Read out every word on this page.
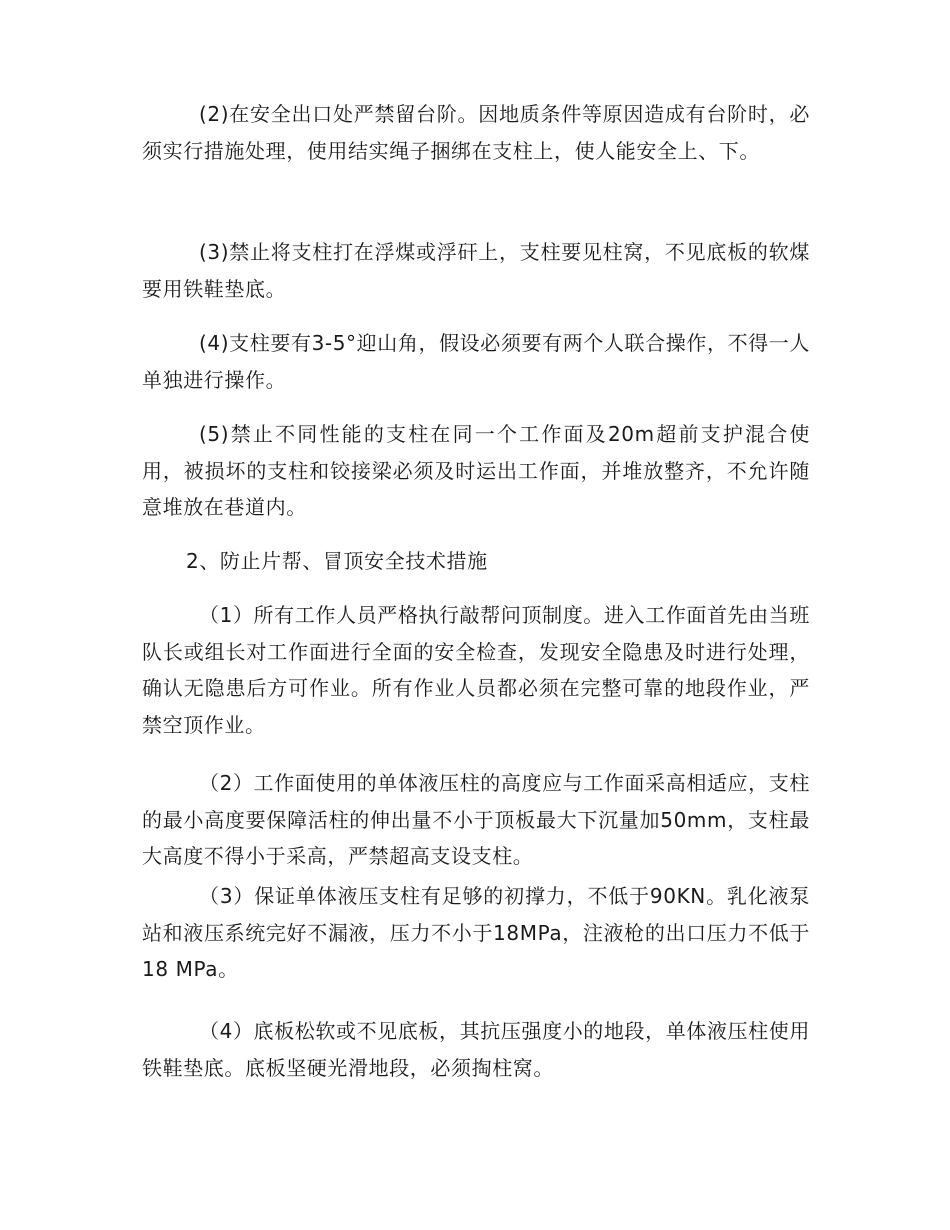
(2)在安全出口处严禁留台阶。因地质条件等原因造成有台阶时，必须实行措施处理，使用结实绳子捆绑在支柱上，使人能安全上、下。

(3)禁止将支柱打在浮煤或浮矸上，支柱要见柱窝，不见底板的软煤要用铁鞋垫底。

(4)支柱要有3-5°迎山角，假设必须要有两个人联合操作，不得一人单独进行操作。

(5)禁止不同性能的支柱在同一个工作面及20m超前支护混合使用，被损坏的支柱和铰接梁必须及时运出工作面，并堆放整齐，不允许随意堆放在巷道内。

2、防止片帮、冒顶安全技术措施

（1）所有工作人员严格执行敲帮问顶制度。进入工作面首先由当班队长或组长对工作面进行全面的安全检查，发现安全隐患及时进行处理，确认无隐患后方可作业。所有作业人员都必须在完整可靠的地段作业，严禁空顶作业。

（2）工作面使用的单体液压柱的高度应与工作面采高相适应，支柱的最小高度要保障活柱的伸出量不小于顶板最大下沉量加50mm，支柱最大高度不得小于采高，严禁超高支设支柱。

（3）保证单体液压支柱有足够的初撑力，不低于90KN。乳化液泵站和液压系统完好不漏液，压力不小于18MPa，注液枪的出口压力不低于18 MPa。

（4）底板松软或不见底板，其抗压强度小的地段，单体液压柱使用铁鞋垫底。底板坚硬光滑地段，必须掏柱窝。
